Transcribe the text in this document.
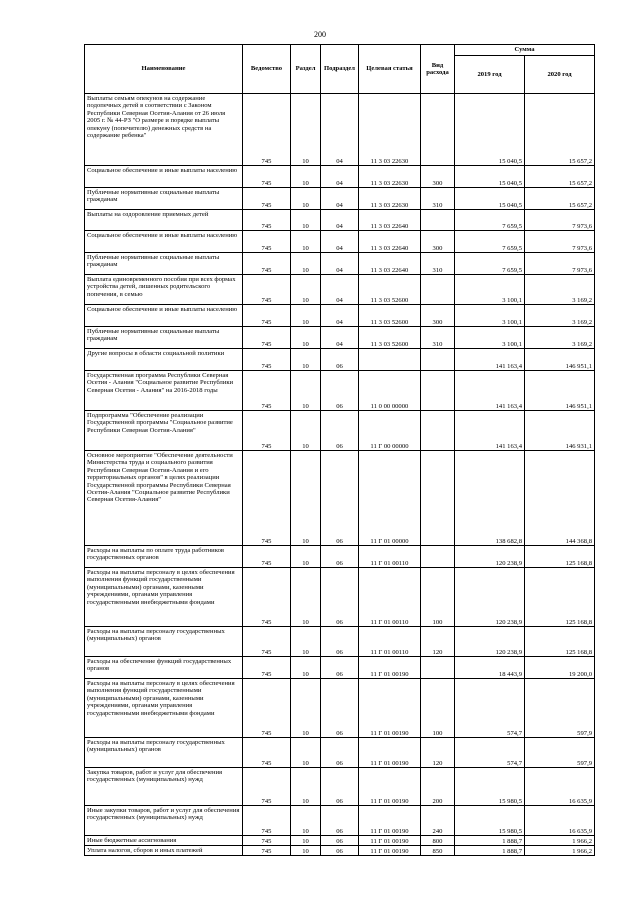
200
Наименование	Ведомство	Раздел	Подраздел	Целевая статья	Вид расхода	Сумма	
						2019 год	2020 год
Выплаты семьям опекунов на содержание подопечных детей в соответствии с Законом Республики Северная Осетия-Алания от 26 июля 2005 г. № 44-РЗ "О размере и порядке выплаты опекуну (попечителю) денежных средств на содержание ребенка"	745	10	04	11 3 03 22630		15 040,5	15 657,2
Социальное обеспечение и иные выплаты населению	745	10	04	11 3 03 22630	300	15 040,5	15 657,2
Публичные нормативные социальные выплаты гражданам	745	10	04	11 3 03 22630	310	15 040,5	15 657,2
Выплаты на оздоровление приемных детей	745	10	04	11 3 03 22640		7 659,5	7 973,6
Социальное обеспечение и иные выплаты населению	745	10	04	11 3 03 22640	300	7 659,5	7 973,6
Публичные нормативные социальные выплаты гражданам	745	10	04	11 3 03 22640	310	7 659,5	7 973,6
Выплата единовременного пособия при всех формах устройства детей, лишенных родительского попечения, в семью	745	10	04	11 3 03 52600		3 100,1	3 169,2
Социальное обеспечение и иные выплаты населению	745	10	04	11 3 03 52600	300	3 100,1	3 169,2
Публичные нормативные социальные выплаты гражданам	745	10	04	11 3 03 52600	310	3 100,1	3 169,2
Другие вопросы в области социальной политики	745	10	06			141 163,4	146 951,1
Государственная программа Республики Северная Осетия - Алания "Социальное развитие Республики Северная Осетия - Алания" на 2016-2018 годы	745	10	06	11 0 00 00000		141 163,4	146 951,1
Подпрограмма "Обеспечение реализации Государственной программы "Социальное развитие Республики Северная Осетия-Алания"	745	10	06	11 Г 00 00000		141 163,4	146 931,1
Основное мероприятие "Обеспечение деятельности Министерства труда и социального развития Республики Северная Осетия-Алания и его территориальных органов" в целях реализации Государственной программы Республики Северная Осетия-Алания "Социальное развитие Республики Северная Осетия-Алания"	745	10	06	11 Г 01 00000		138 682,8	144 368,8
Расходы на выплаты по оплате труда работников государственных органов	745	10	06	11 Г 01 00110		120 238,9	125 168,8
Расходы на выплаты персоналу в целях обеспечения выполнения функций государственными (муниципальными) органами, казенными учреждениями, органами управления государственными внебюджетными фондами	745	10	06	11 Г 01 00110	100	120 238,9	125 168,8
Расходы на выплаты персоналу государственных (муниципальных) органов	745	10	06	11 Г 01 00110	120	120 238,9	125 168,8
Расходы на обеспечение функций государственных органов	745	10	06	11 Г 01 00190		18 443,9	19 200,0
Расходы на выплаты персоналу в целях обеспечения выполнения функций государственными (муниципальными) органами, казенными учреждениями, органами управления государственными внебюджетными фондами	745	10	06	11 Г 01 00190	100	574,7	597,9
Расходы на выплаты персоналу государственных (муниципальных) органов	745	10	06	11 Г 01 00190	120	574,7	597,9
Закупка товаров, работ и услуг для обеспечения государственных (муниципальных) нужд	745	10	06	11 Г 01 00190	200	15 980,5	16 635,9
Иные закупки товаров, работ и услуг для обеспечения государственных (муниципальных) нужд	745	10	06	11 Г 01 00190	240	15 980,5	16 635,9
Иные бюджетные ассигнования	745	10	06	11 Г 01 00190	800	1 888,7	1 966,2
Уплата налогов, сборов и иных платежей	745	10	06	11 Г 01 00190	850	1 888,7	1 966,2
